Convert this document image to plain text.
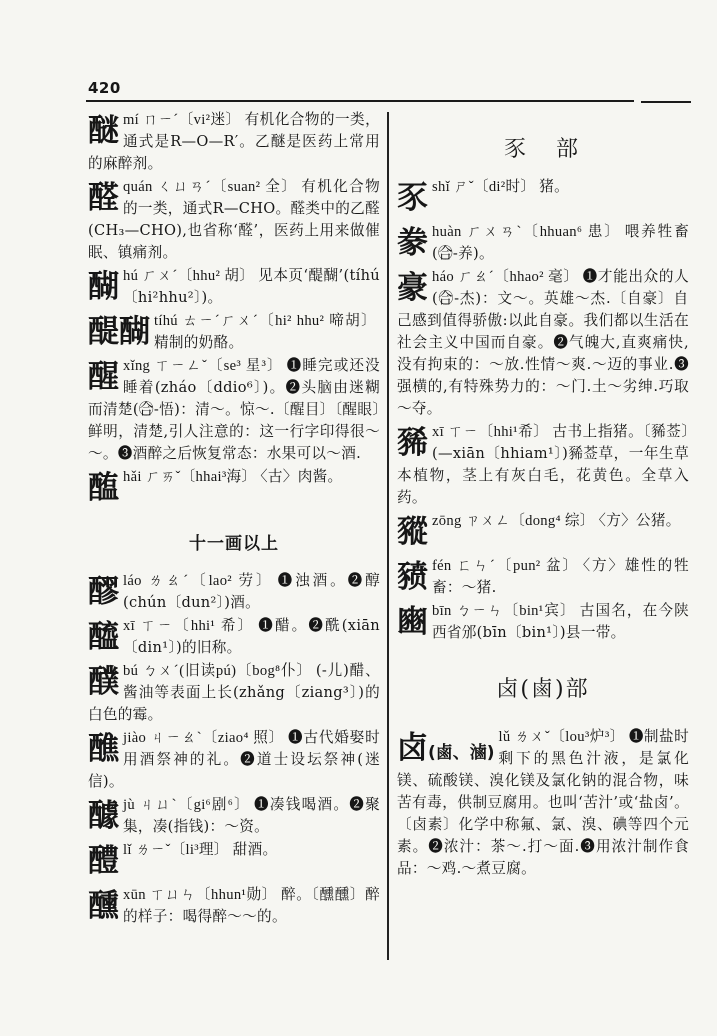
420
醚 mí ㄇㄧˊ〔vi²迷〕 有机化合物的一类，通式是R—O—R′。乙醚是医药上常用的麻醉剂。
醛 quán ㄑㄩㄢˊ〔suan² 全〕 有机化合物的一类，通式R—CHO。醛类中的乙醛(CH₃—CHO),也省称‘醛’，医药上用来做催眠、镇痛剂。
醐 hú ㄏㄨˊ〔hhu² 胡〕 见本页‘醍醐’(tíhú〔hi²hhu²〕)。
醍醐 tíhú ㄊㄧˊㄏㄨˊ〔hi² hhu² 啼胡〕精制的奶酪。
醒 xǐng ㄒㄧㄥˇ〔se³ 星³〕 ❶睡完或还没睡着(zháo〔ddio⁶〕)。❷头脑由迷糊而清楚(合⃝-悟)：清～。惊～.〔醒目〕〔醒眼〕鲜明，清楚,引人注意的：这一行字印得很～～。❸酒醉之后恢复常态：水果可以～酒.
醢 hǎi ㄏㄞˇ〔hhai³海〕 〈古〉肉酱。
十一画以上
醪 láo ㄌㄠˊ〔lao² 劳〕 ❶浊酒。❷醇(chún〔dun²〕)酒。
醯 xī ㄒㄧ〔hhi¹ 希〕 ❶醋。❷酰(xiān〔din¹〕)的旧称。
醭 bú ㄅㄨˊ(旧读pú)〔bog⁸仆〕 (-儿)醋、酱油等表面上长(zhǎng〔ziang³〕)的白色的霉。
醮 jiào ㄐㄧㄠˋ〔ziao⁴ 照〕 ❶古代婚娶时用酒祭神的礼。❷道士设坛祭神(迷信)。
醵 jù ㄐㄩˋ〔gi⁶剧⁶〕 ❶凑钱喝酒。❷聚集，凑(指钱)：～资。
醴 lǐ ㄌㄧˇ〔li³理〕 甜酒。
醺 xūn ㄒㄩㄣ〔hhun¹勋〕 醉。〔醺醺〕醉的样子：喝得醉～～的。
豕　部
豕 shǐ ㄕˇ〔di²时〕 猪。
豢 huàn ㄏㄨㄢˋ〔hhuan⁶ 患〕 喂养牲畜(合⃝-养)。
豪 háo ㄏㄠˊ〔hhao² 毫〕 ❶才能出众的人(合⃝-杰)：文～。英雄～杰.〔自豪〕自己感到值得骄傲:以此自豪。我们都以生活在社会主义中国而自豪。❷气魄大,直爽痛快,没有拘束的：～放.性情～爽.～迈的事业.❸强横的,有特殊势力的：～门.土～劣绅.巧取～夺。
豨 xī ㄒㄧ〔hhi¹希〕 古书上指猪。〔豨莶〕(—xiān〔hhiam¹〕)豨莶草，一年生草本植物，茎上有灰白毛，花黄色。全草入药。
豵 zōng ㄗㄨㄥ〔dong⁴ 综〕 〈方〉公猪。
豮 fén ㄈㄣˊ〔pun² 盆〕 〈方〉雄性的牲畜：～猪.
豳 bīn ㄅㄧㄣ〔bin¹宾〕 古国名，在今陕西省邠(bīn〔bin¹〕)县一带。
卤(鹵)部
卤(鹵、滷)
lǔ ㄌㄨˇ〔lou³炉³〕 ❶制盐时剩下的黑色汁液，是氯化镁、硫酸镁、溴化镁及氯化钠的混合物，味苦有毒，供制豆腐用。也叫‘苦汁’或‘盐卤’。〔卤素〕化学中称氟、氯、溴、碘等四个元素。❷浓汁：茶～.打～面.❸用浓汁制作食品：～鸡.～煮豆腐。
